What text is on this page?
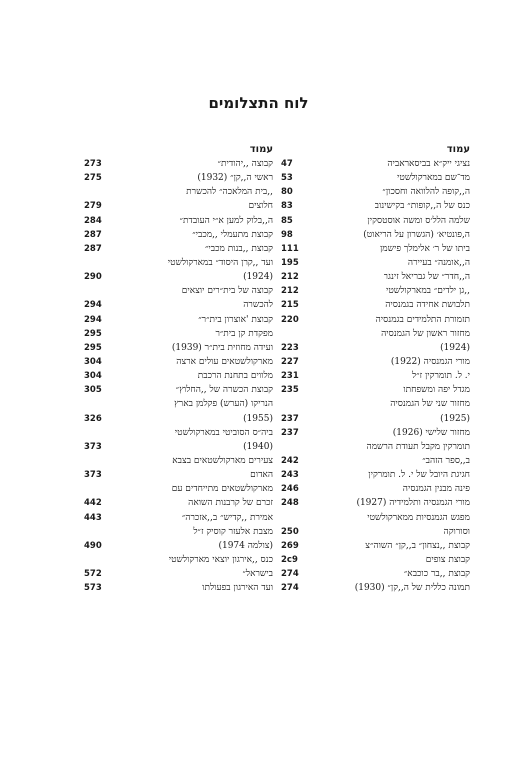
לוח התצלומים
עמוד
נציגי ייק״א בביסאראביה
47
מד־שם במארקולשטי
53
ה,,קופה להלוואה וחסכון״
80
כנס של ה,,קופות״ בקישינוב
83
שלמה הלל׳ס ומשה אוסטסקין
85
ה,פונטיא׳ (הגשרון על הריאוט)
98
ביתו של ר׳ אלימלך פישמן
111
ה,,אומנה״ בעיירה
195
ה,,חדר״ של גבריאל זינגר
212
,,גן ילדים״ במארקולשטי
212
תלבושת אחידה בגמנסיה
215
תזמורת התלמידים בגמנסיה
220
מחזור ראשון של הגמנסיה
(1924)
223
מורי הגמנסיה (1922)
227
י. ל. תומרקין ז״ל
231
מגדל יפה ומשפחתו
235
מחזור שני של הגמנסיה
(1925)
237
מחזור שלישי (1926)
237
תומרקין מקבל תעודת הרשמה
ב,,ספר הזהב״
242
חגיגת היובל של י. ל. תומרקין
243
פינה מבנין הגמנסיה
246
מורי הגמנסיה ותלמידיה (1927)
248
מפגש הגמנסיות ממארקולשטי
וסורוקה
250
קבוצת ,,נצחון״ ב,,קן״ השוה״צ
269
קבוצת צופים
2c9
קבוצת ,,בר כוכבא״
274
תמונה כללית של ה,,קן״ (1930)
274
עמוד
קבוצה ,,יהודית״
273
ראשי ה,,קן״ (1932)
275
,,בית המלאכה״ להכשרת
חלוצים
279
ה,,בלוק למען א״י העובדת״
284
קבוצת מתעמלי ,,מכבי״
287
קבוצת ,,בנות מכבי״
287
ועד ,,קרן היסוד״ במארקולשטי
(1924)
290
קבוצה של בית״רים יוצאים
להכשרה
294
קבוצת 'אוצרון בית״ר״
294
מפקדת קן בית״ר
295
ועידה מחוזית בית״ר (1939)
295
מארקולשטאים עולים ארצה
304
מלווים בתחנת הרכבת
304
קבוצת הכשרה של ,,החלוץ״
305
הנריקו (הערש) פקלמן בארץ
(1955)
326
ביה״ס הסוביטי במארקולשטי
(1940)
373
צעירים מארקולשטאים בצבא
האדום
373
מארקולשטאים מתייחדים עם
זכרם של קרבנות השואה
442
אמירת ,,קדיש״ ב,,אזכרה״
443
מצבת אלעזר קוסיק ז״ל
(צולמה 1974)
490
כנס ,,אירגון יוצאי מארקולשטי
בישראל״
572
ועד האירגון בפעולתו
573
